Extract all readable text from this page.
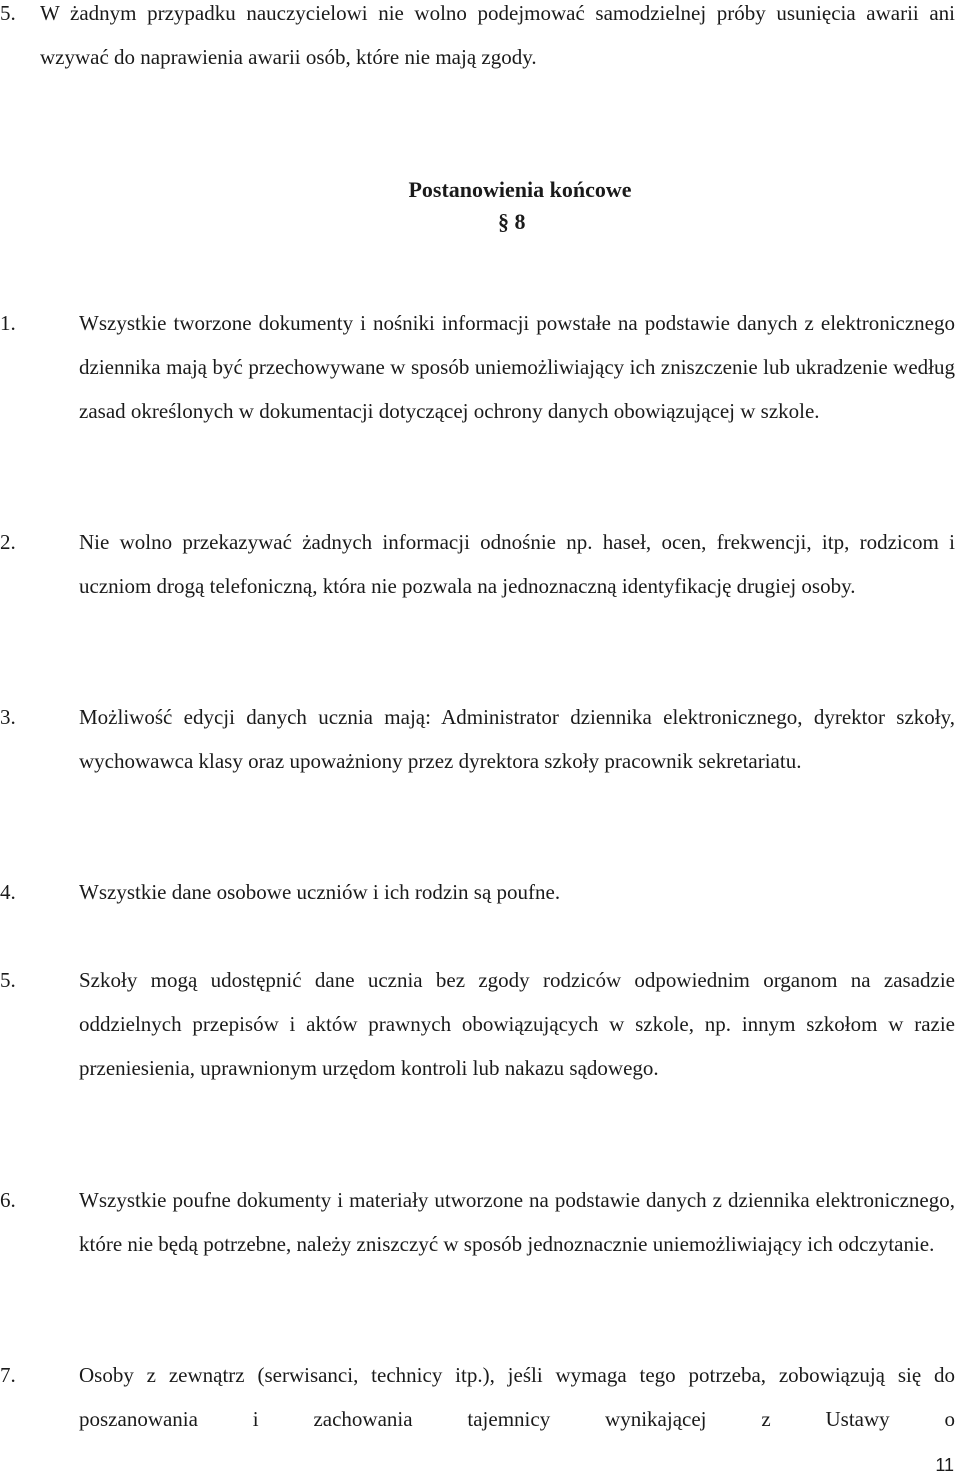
5.	W żadnym przypadku nauczycielowi nie wolno podejmować samodzielnej próby usunięcia awarii ani wzywać do naprawienia awarii osób, które nie mają zgody.
Postanowienia końcowe
§ 8
1.	Wszystkie tworzone dokumenty i nośniki informacji powstałe na podstawie danych z elektronicznego dziennika mają być przechowywane w sposób uniemożliwiający ich zniszczenie lub ukradzenie według zasad określonych w dokumentacji dotyczącej ochrony danych obowiązującej w szkole.
2.	Nie wolno przekazywać żadnych informacji odnośnie np. haseł, ocen, frekwencji, itp, rodzicom i uczniom drogą telefoniczną, która nie pozwala na jednoznaczną identyfikację drugiej osoby.
3.	Możliwość edycji danych ucznia mają: Administrator dziennika elektronicznego, dyrektor szkoły, wychowawca klasy oraz upoważniony przez dyrektora szkoły pracownik sekretariatu.
4.	Wszystkie dane osobowe uczniów i ich rodzin są poufne.
5.	Szkoły mogą udostępnić dane ucznia bez zgody rodziców odpowiednim organom na zasadzie oddzielnych przepisów i aktów prawnych obowiązujących w szkole, np. innym szkołom w razie przeniesienia, uprawnionym urzędom kontroli lub nakazu sądowego.
6.	Wszystkie poufne dokumenty i materiały utworzone na podstawie danych z dziennika elektronicznego, które nie będą potrzebne, należy zniszczyć w sposób jednoznacznie uniemożliwiający ich odczytanie.
7.	Osoby z zewnątrz (serwisanci, technicy itp.), jeśli wymaga tego potrzeba, zobowiązują się do poszanowania i zachowania tajemnicy wynikającej z Ustawy o
11
